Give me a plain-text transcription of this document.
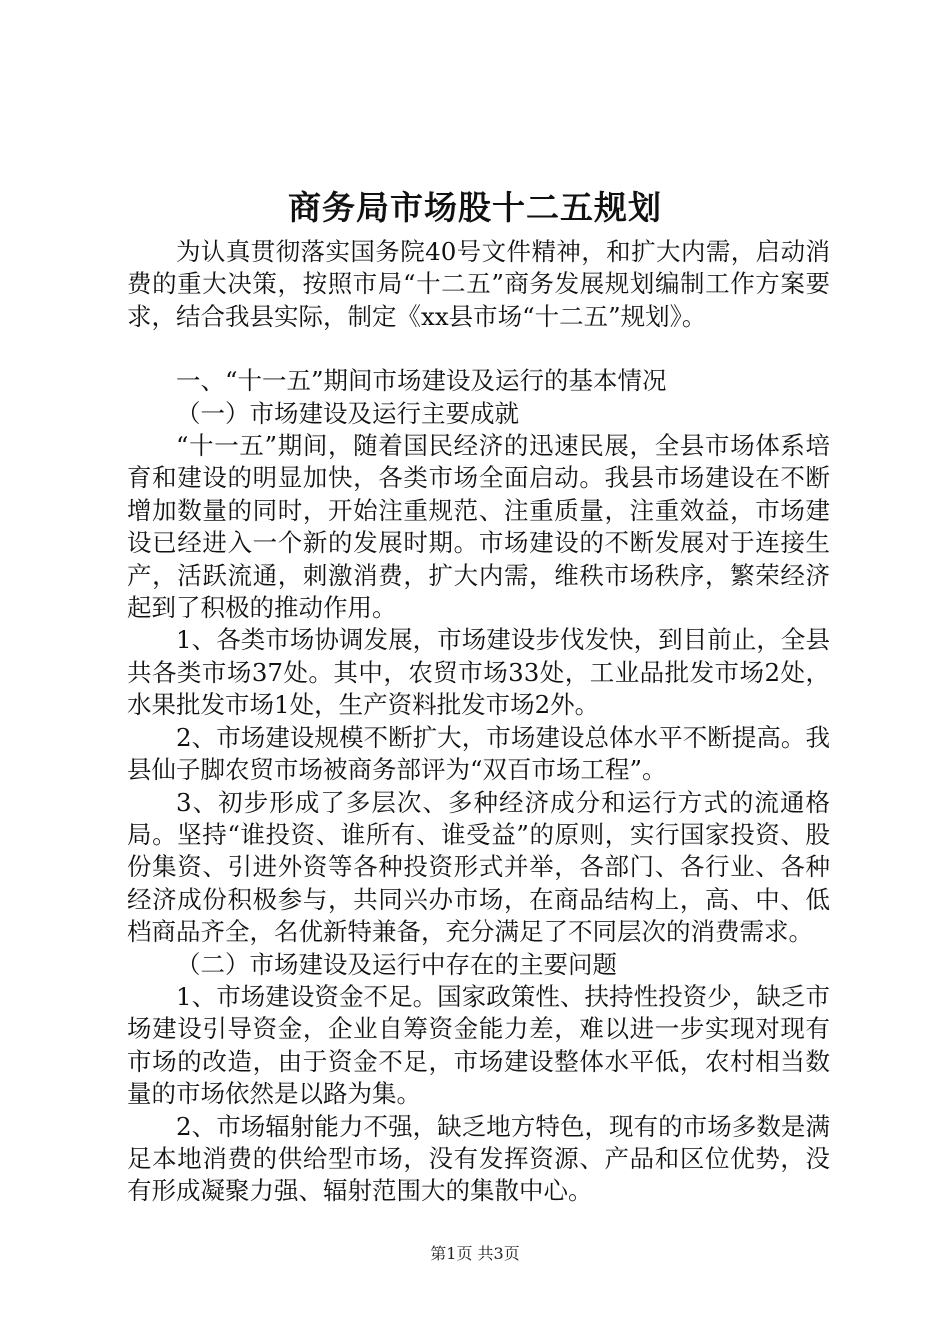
商务局市场股十二五规划

为认真贯彻落实国务院40号文件精神，和扩大内需，启动消费的重大决策，按照市局“十二五”商务发展规划编制工作方案要求，结合我县实际，制定《xx县市场“十二五”规划》。

一、“十一五”期间市场建设及运行的基本情况

（一）市场建设及运行主要成就

“十一五”期间，随着国民经济的迅速民展，全县市场体系培育和建设的明显加快，各类市场全面启动。我县市场建设在不断增加数量的同时，开始注重规范、注重质量，注重效益，市场建设已经进入一个新的发展时期。市场建设的不断发展对于连接生产，活跃流通，刺激消费，扩大内需，维秩市场秩序，繁荣经济起到了积极的推动作用。

1、各类市场协调发展，市场建设步伐发快，到目前止，全县共各类市场37处。其中，农贸市场33处，工业品批发市场2处，水果批发市场1处，生产资料批发市场2外。

2、市场建设规模不断扩大，市场建设总体水平不断提高。我县仙子脚农贸市场被商务部评为“双百市场工程”。

3、初步形成了多层次、多种经济成分和运行方式的流通格局。坚持“谁投资、谁所有、谁受益”的原则，实行国家投资、股份集资、引进外资等各种投资形式并举，各部门、各行业、各种经济成份积极参与，共同兴办市场，在商品结构上，高、中、低档商品齐全，名优新特兼备，充分满足了不同层次的消费需求。

（二）市场建设及运行中存在的主要问题

1、市场建设资金不足。国家政策性、扶持性投资少，缺乏市场建设引导资金，企业自筹资金能力差，难以进一步实现对现有市场的改造，由于资金不足，市场建设整体水平低，农村相当数量的市场依然是以路为集。

2、市场辐射能力不强，缺乏地方特色，现有的市场多数是满足本地消费的供给型市场，没有发挥资源、产品和区位优势，没有形成凝聚力强、辐射范围大的集散中心。

第1页 共3页
